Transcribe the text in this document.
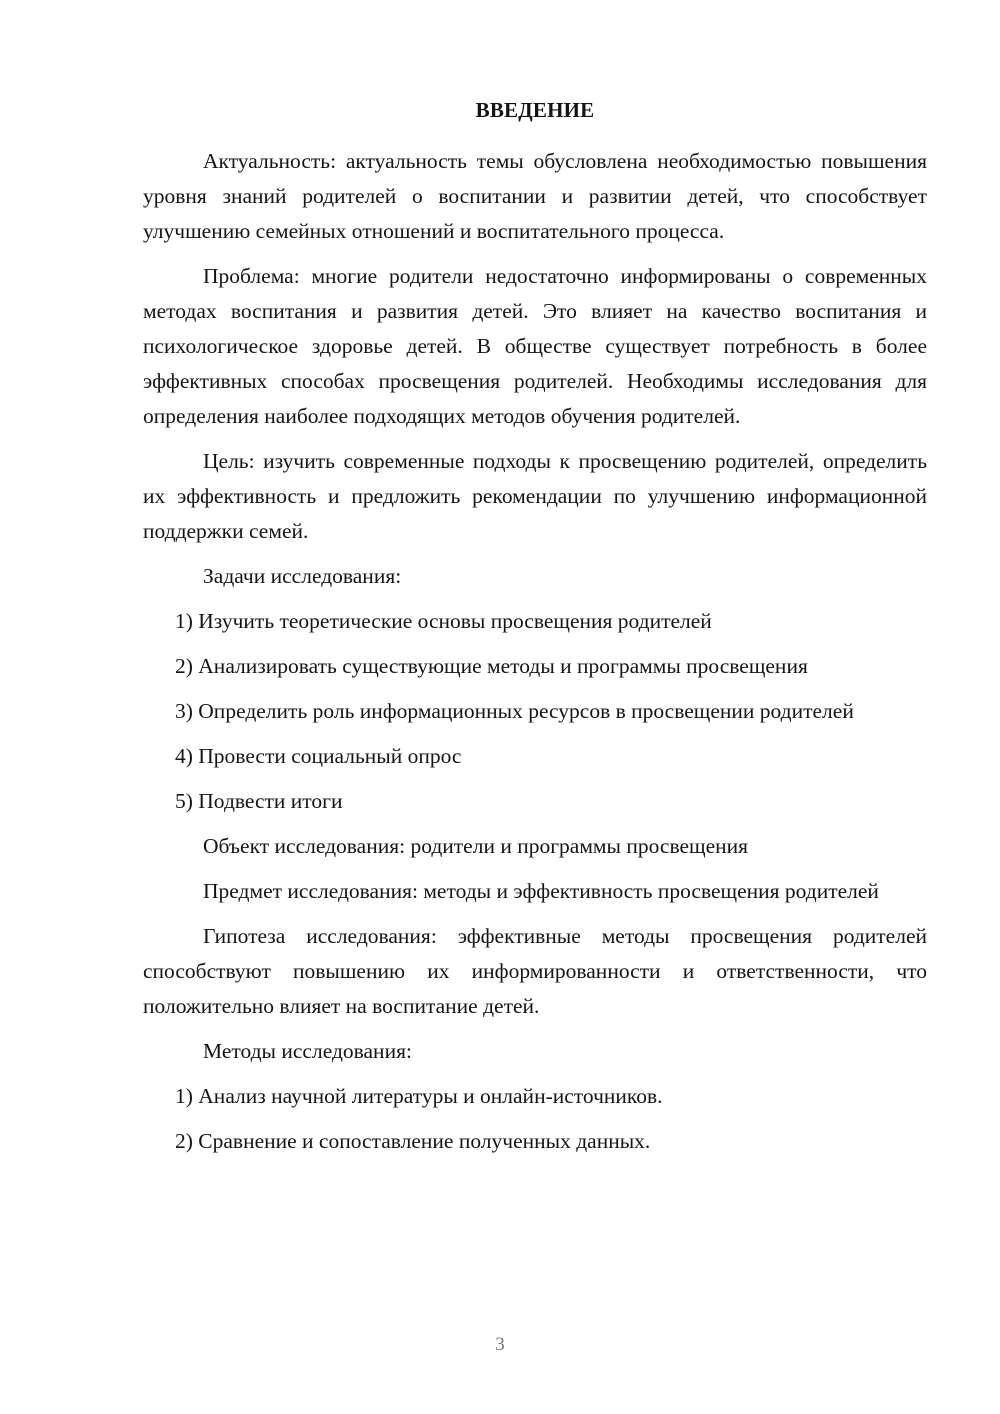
ВВЕДЕНИЕ

Актуальность: актуальность темы обусловлена необходимостью повышения уровня знаний родителей о воспитании и развитии детей, что способствует улучшению семейных отношений и воспитательного процесса.

Проблема: многие родители недостаточно информированы о современных методах воспитания и развития детей. Это влияет на качество воспитания и психологическое здоровье детей. В обществе существует потребность в более эффективных способах просвещения родителей. Необходимы исследования для определения наиболее подходящих методов обучения родителей.

Цель: изучить современные подходы к просвещению родителей, определить их эффективность и предложить рекомендации по улучшению информационной поддержки семей.

Задачи исследования:

1) Изучить теоретические основы просвещения родителей

2) Анализировать существующие методы и программы просвещения

3) Определить роль информационных ресурсов в просвещении родителей

4) Провести социальный опрос

5) Подвести итоги

Объект исследования: родители и программы просвещения

Предмет исследования: методы и эффективность просвещения родителей

Гипотеза исследования: эффективные методы просвещения родителей способствуют повышению их информированности и ответственности, что положительно влияет на воспитание детей.

Методы исследования:

1) Анализ научной литературы и онлайн-источников.

2) Сравнение и сопоставление полученных данных.

3
